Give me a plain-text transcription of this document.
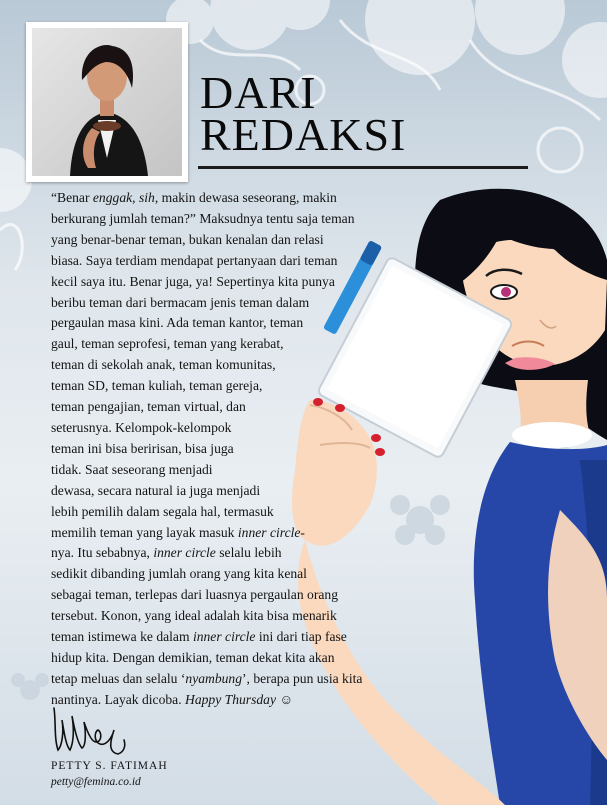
DARI
REDAKSI
“Benar enggak, sih, makin dewasa seseorang, makin
berkurang jumlah teman?” Maksudnya tentu saja teman
yang benar-benar teman, bukan kenalan dan relasi
biasa. Saya terdiam mendapat pertanyaan dari teman
kecil saya itu. Benar juga, ya! Sepertinya kita punya
beribu teman dari bermacam jenis teman dalam
pergaulan masa kini. Ada teman kantor, teman
gaul, teman seprofesi, teman yang kerabat,
teman di sekolah anak, teman komunitas,
teman SD, teman kuliah, teman gereja,
teman pengajian, teman virtual, dan
seterusnya. Kelompok-kelompok
teman ini bisa beririsan, bisa juga
tidak. Saat seseorang menjadi
dewasa, secara natural ia juga menjadi
lebih pemilih dalam segala hal, termasuk
memilih teman yang layak masuk inner circle-
nya. Itu sebabnya, inner circle selalu lebih
sedikit dibanding jumlah orang yang kita kenal
sebagai teman, terlepas dari luasnya pergaulan orang
tersebut. Konon, yang ideal adalah kita bisa menarik
teman istimewa ke dalam inner circle ini dari tiap fase
hidup kita. Dengan demikian, teman dekat kita akan
tetap meluas dan selalu ‘nyambung’, berapa pun usia kita
nantinya. Layak dicoba. Happy Thursday ☺
PETTY S. FATIMAH
petty@femina.co.id
